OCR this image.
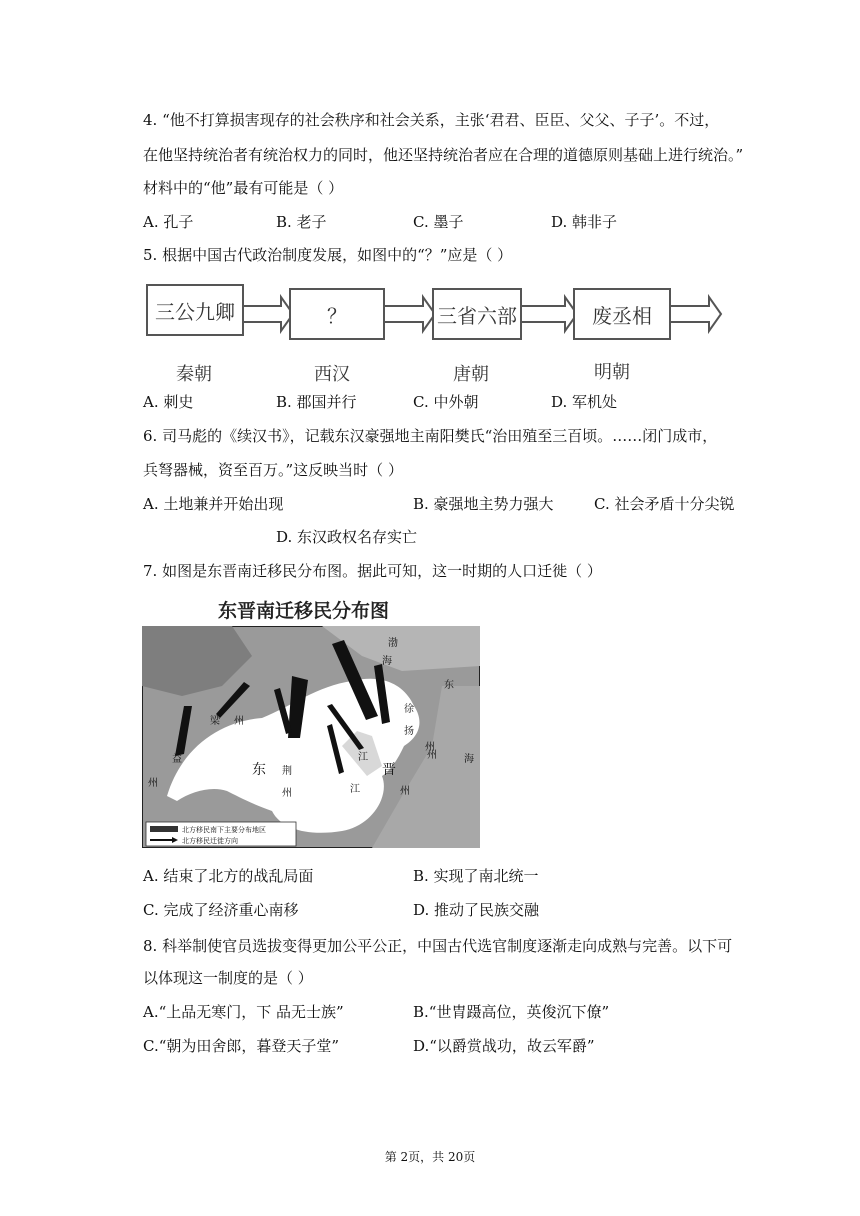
4. “他不打算损害现存的社会秩序和社会关系，主张‘君君、臣臣、父父、子子’。不过，
在他坚持统治者有统治权力的同时，他还坚持统治者应在合理的道德原则基础上进行统治。”
材料中的“他”最有可能是（ ）
A. 孔子	B. 老子	C. 墨子	D. 韩非子
5. 根据中国古代政治制度发展，如图中的“？”应是（ ）
三公九卿	？	三省六部	废丞相
秦朝	西汉	唐朝	明朝
A. 刺史	B. 郡国并行	C. 中外朝	D. 军机处
6. 司马彪的《续汉书》，记载东汉豪强地主南阳樊氏“治田殖至三百顷。……闭门成市，
兵弩器械，资至百万。”这反映当时（ ）
A. 土地兼并开始出现	B. 豪强地主势力强大	C. 社会矛盾十分尖锐
D. 东汉政权名存实亡
7. 如图是东晋南迁移民分布图。据此可知，这一时期的人口迁徙（ ）
东晋南迁移民分布图
渤
海
东
海
徐
扬
州
梁 州
益
州
东 荆
州
江
晋
江	州
州
北方移民南下主要分布地区
北方移民迁徙方向
A. 结束了北方的战乱局面	B. 实现了南北统一
C. 完成了经济重心南移	D. 推动了民族交融
8. 科举制使官员选拔变得更加公平公正，中国古代选官制度逐渐走向成熟与完善。以下可
以体现这一制度的是（ ）
A.“上品无寒门，下 品无士族”	B.“世胄蹑高位，英俊沉下僚”
C.“朝为田舍郎，暮登天子堂”	D.“以爵赏战功，故云军爵”
第 2页，共 20页
